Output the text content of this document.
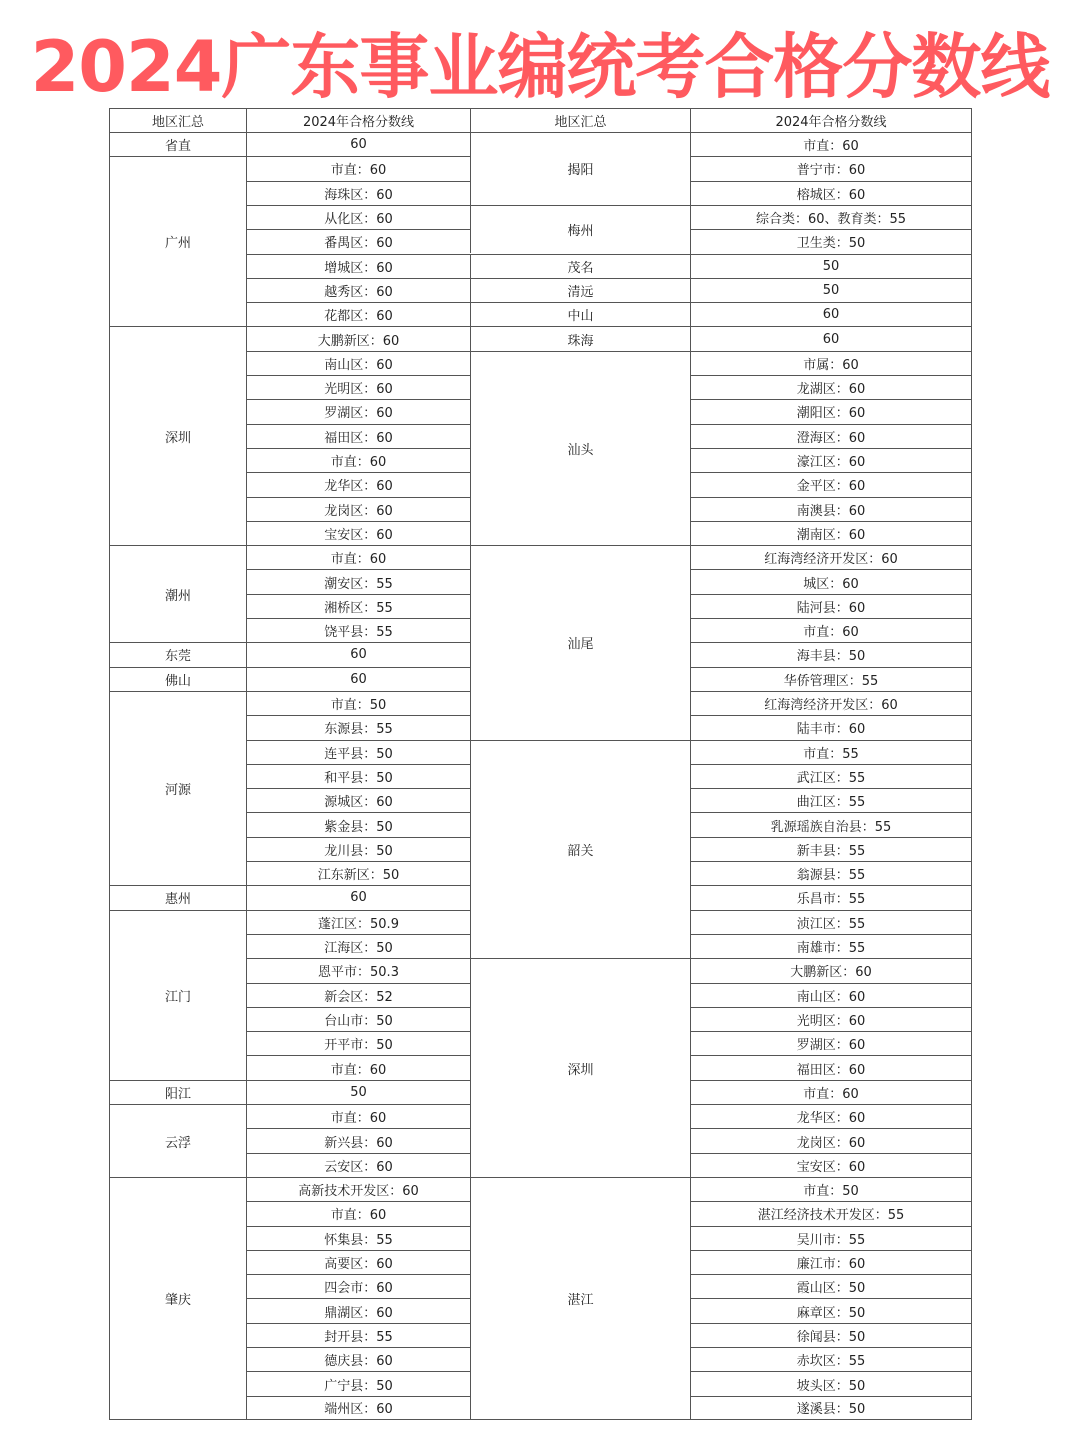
2024广东事业编统考合格分数线
地区汇总
省直
广州
深圳
潮州
东莞
佛山
河源
惠州
江门
阳江
云浮
肇庆
2024年合格分数线
60
市直：60
海珠区：60
从化区：60
番禺区：60
增城区：60
越秀区：60
花都区：60
大鹏新区：60
南山区：60
光明区：60
罗湖区：60
福田区：60
市直：60
龙华区：60
龙岗区：60
宝安区：60
市直：60
潮安区：55
湘桥区：55
饶平县：55
60
60
市直：50
东源县：55
连平县：50
和平县：50
源城区：60
紫金县：50
龙川县：50
江东新区：50
60
蓬江区：50.9
江海区：50
恩平市：50.3
新会区：52
台山市：50
开平市：50
市直：60
50
市直：60
新兴县：60
云安区：60
高新技术开发区：60
市直：60
怀集县：55
高要区：60
四会市：60
鼎湖区：60
封开县：55
德庆县：60
广宁县：50
端州区：60
地区汇总
揭阳
梅州
茂名
清远
中山
珠海
汕头
汕尾
韶关
深圳
湛江
2024年合格分数线
市直：60
普宁市：60
榕城区：60
综合类：60、教育类：55
卫生类：50
50
50
60
60
市属：60
龙湖区：60
潮阳区：60
澄海区：60
濠江区：60
金平区：60
南澳县：60
潮南区：60
红海湾经济开发区：60
城区：60
陆河县：60
市直：60
海丰县：50
华侨管理区：55
红海湾经济开发区：60
陆丰市：60
市直：55
武江区：55
曲江区：55
乳源瑶族自治县：55
新丰县：55
翁源县：55
乐昌市：55
浈江区：55
南雄市：55
大鹏新区：60
南山区：60
光明区：60
罗湖区：60
福田区：60
市直：60
龙华区：60
龙岗区：60
宝安区：60
市直：50
湛江经济技术开发区：55
吴川市：55
廉江市：60
霞山区：50
麻章区：50
徐闻县：50
赤坎区：55
坡头区：50
遂溪县：50
